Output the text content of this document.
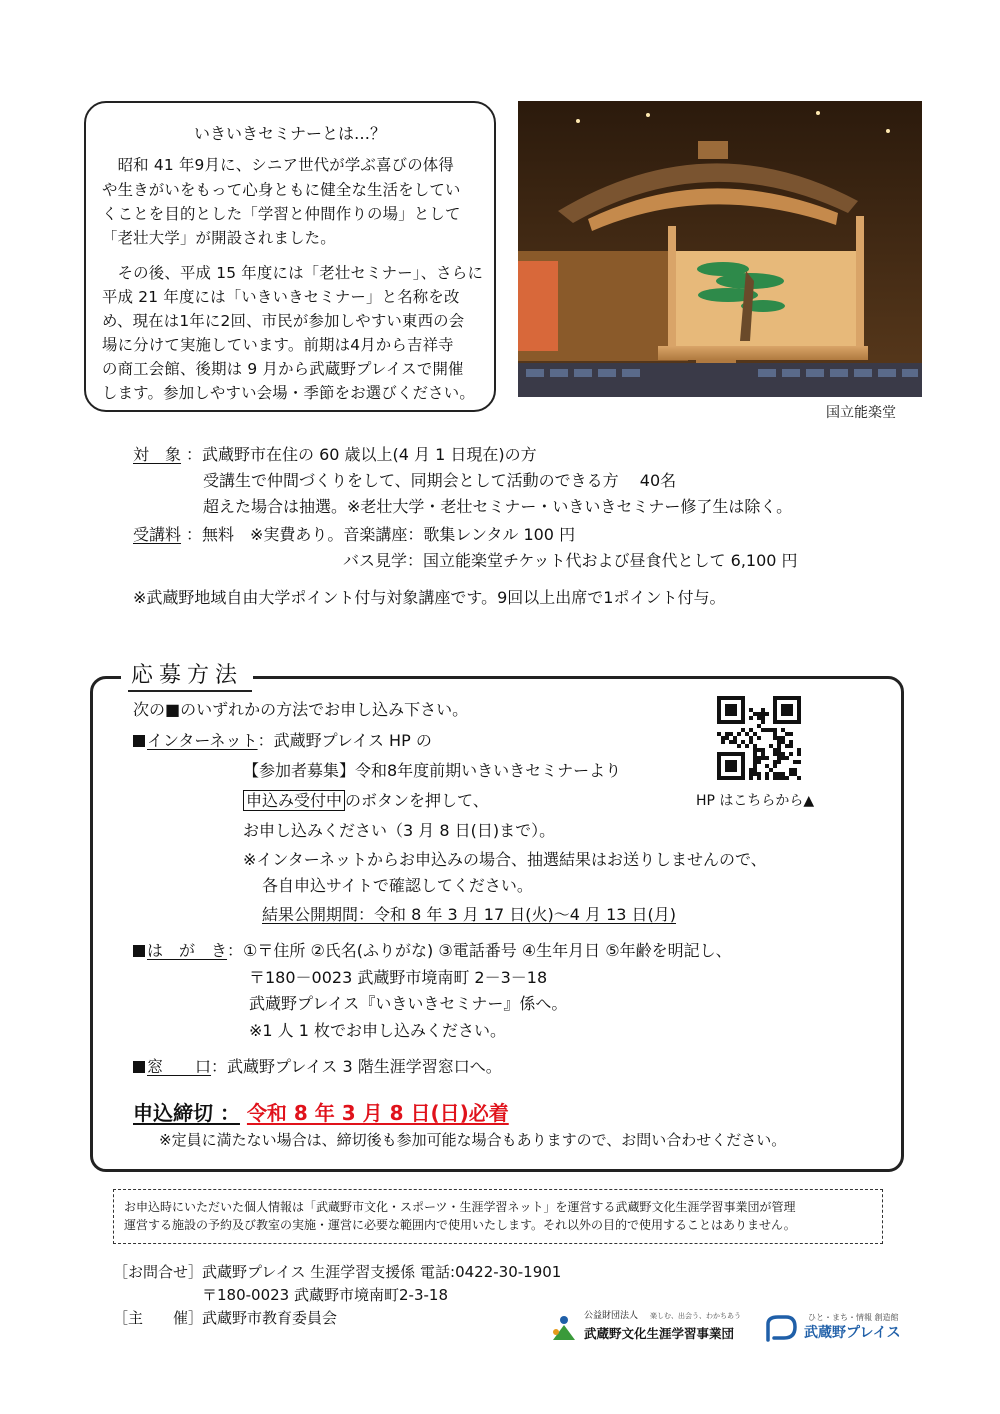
いきいきセミナーとは…？
　昭和 41 年9月に、シニア世代が学ぶ喜びの体得
や生きがいをもって心身ともに健全な生活をしてい
くことを目的とした「学習と仲間作りの場」として
「老壮大学」が開設されました。
　その後、平成 15 年度には「老壮セミナー」、さらに
平成 21 年度には「いきいきセミナー」と名称を改
め、現在は1年に2回、市民が参加しやすい東西の会
場に分けて実施しています。前期は4月から吉祥寺
の商工会館、後期は 9 月から武蔵野プレイスで開催
します。参加しやすい会場・季節をお選びください。
国立能楽堂
対　象 ：武蔵野市在住の 60 歳以上(4 月 1 日現在)の方
受講生で仲間づくりをして、同期会として活動のできる方　 40名
超えた場合は抽選。※老壮大学・老壮セミナー・いきいきセミナー修了生は除く。
受講料 ：無料　※実費あり。音楽講座：歌集レンタル 100 円
バス見学：国立能楽堂チケット代および昼食代として 6,100 円
※武蔵野地域自由大学ポイント付与対象講座です。9回以上出席で1ポイント付与。
応募方法
次の■のいずれかの方法でお申し込み下さい。
インターネット：武蔵野プレイス HP の
【参加者募集】令和8年度前期いきいきセミナーより
申込み受付中 のボタンを押して、
お申し込みください（3 月 8 日(日)まで）。
※インターネットからお申込みの場合、抽選結果はお送りしませんので、
各自申込サイトで確認してください。
結果公開期間：令和 8 年 3 月 17 日(火)～4 月 13 日(月)
HP はこちらから▲
は　が　き：①〒住所 ②氏名(ふりがな) ③電話番号 ④生年月日 ⑤年齢を明記し、
〒180－0023 武蔵野市境南町 2－3－18
武蔵野プレイス『いきいきセミナー』係へ。
※1 人 1 枚でお申し込みください。
窓　　口：武蔵野プレイス 3 階生涯学習窓口へ。
申込締切 ： 令和 8 年 3 月 8 日(日)必着
※定員に満たない場合は、締切後も参加可能な場合もありますので、お問い合わせください。
お申込時にいただいた個人情報は「武蔵野市文化・スポーツ・生涯学習ネット」を運営する武蔵野文化生涯学習事業団が管理
運営する施設の予約及び教室の実施・運営に必要な範囲内で使用いたします。それ以外の目的で使用することはありません。
［お問合せ］
武蔵野プレイス 生涯学習支援係 電話:0422-30-1901
〒180-0023 武蔵野市境南町2-3-18
［主　　催］
武蔵野市教育委員会	公益財団法人 楽しむ、出会う、わかちあう
武蔵野文化生涯学習事業団
ひと・まち・情報 創造館
武蔵野プレイス
